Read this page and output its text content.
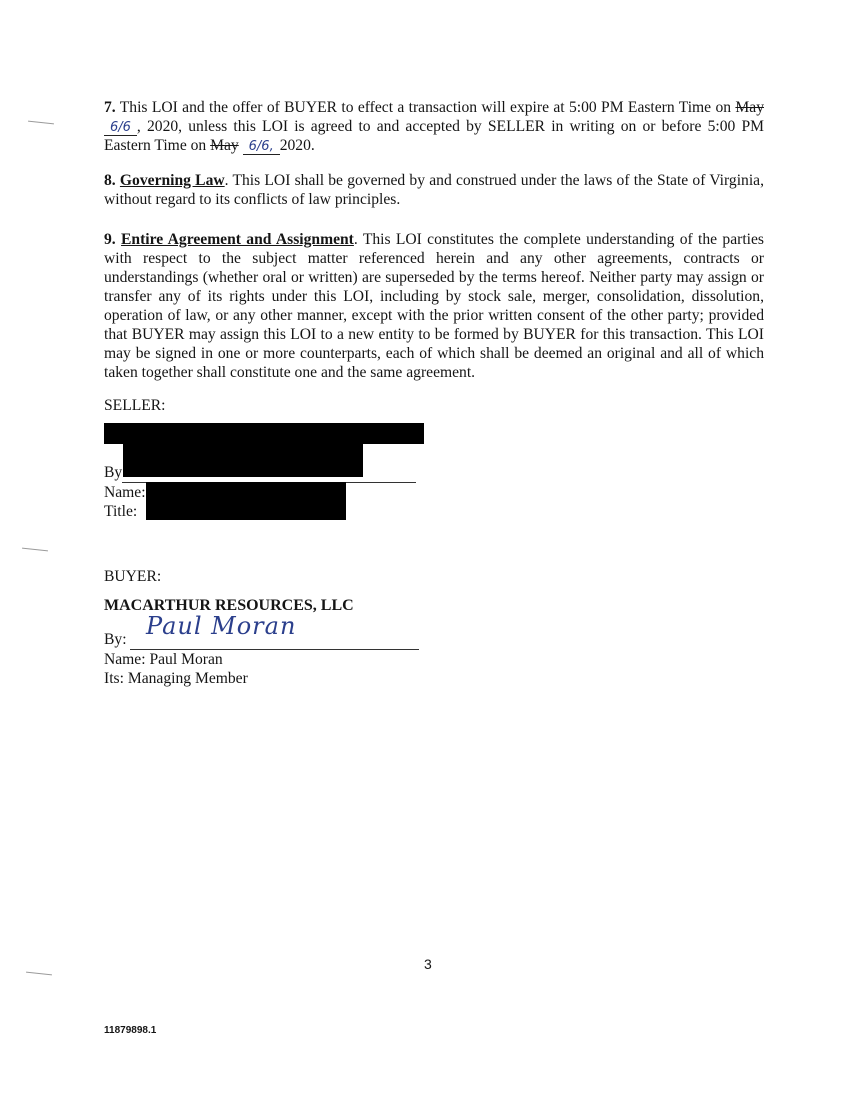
7. This LOI and the offer of BUYER to effect a transaction will expire at 5:00 PM Eastern Time on May 6/6 , 2020, unless this LOI is agreed to and accepted by SELLER in writing on or before 5:00 PM Eastern Time on May 6/6, 2020.

8. Governing Law. This LOI shall be governed by and construed under the laws of the State of Virginia, without regard to its conflicts of law principles.

9. Entire Agreement and Assignment. This LOI constitutes the complete understanding of the parties with respect to the subject matter referenced herein and any other agreements, contracts or understandings (whether oral or written) are superseded by the terms hereof. Neither party may assign or transfer any of its rights under this LOI, including by stock sale, merger, consolidation, dissolution, operation of law, or any other manner, except with the prior written consent of the other party; provided that BUYER may assign this LOI to a new entity to be formed by BUYER for this transaction. This LOI may be signed in one or more counterparts, each of which shall be deemed an original and all of which taken together shall constitute one and the same agreement.

SELLER:
By
Name:
Title:
BUYER:
MACARTHUR RESOURCES, LLC
By: Paul Moran
Name: Paul Moran
Its: Managing Member
3
11879898.1
